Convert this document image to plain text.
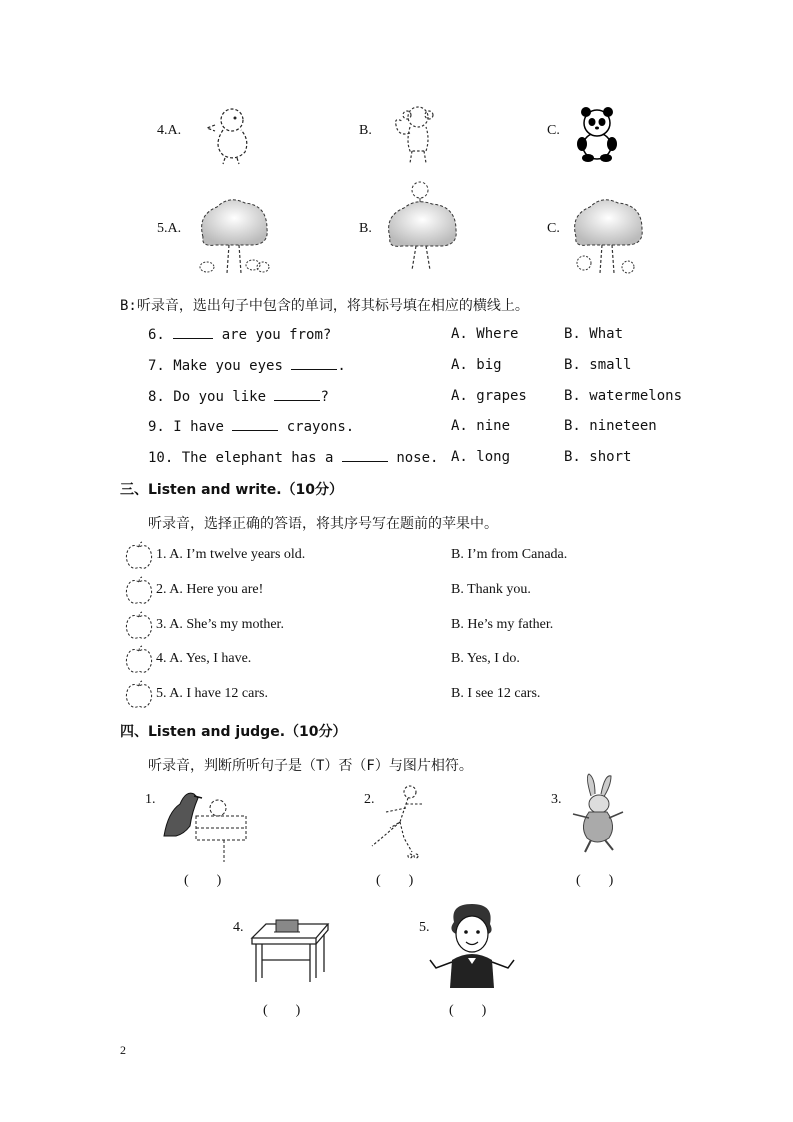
4.A.	B.	C.
5.A.	B.	C.
B:听录音，选出句子中包含的单词，将其标号填在相应的横线上。
6.	are you from?	A. Where	B. What
7. Make you eyes	.	A. big	B. small
8. Do you like	?	A. grapes	B. watermelons
9. I have	crayons.	A. nine	B. nineteen
10. The elephant has a	nose. A. long	B. short
三、Listen and write.（10分）
听录音，选择正确的答语，将其序号写在题前的苹果中。
1. A. I’m twelve years old.	B. I’m from Canada.
2. A. Here you are!	B. Thank you.
3. A. She’s my mother.	B. He’s my father.
4. A. Yes, I have.	B. Yes, I do.
5. A. I have 12 cars.	B. I see 12 cars.
四、Listen and judge.（10分）
听录音，判断所听句子是（T）否（F）与图片相符。
1.	2.	3.
(        )	(        )	(        )
4.	5.
(        )	(        )
2
